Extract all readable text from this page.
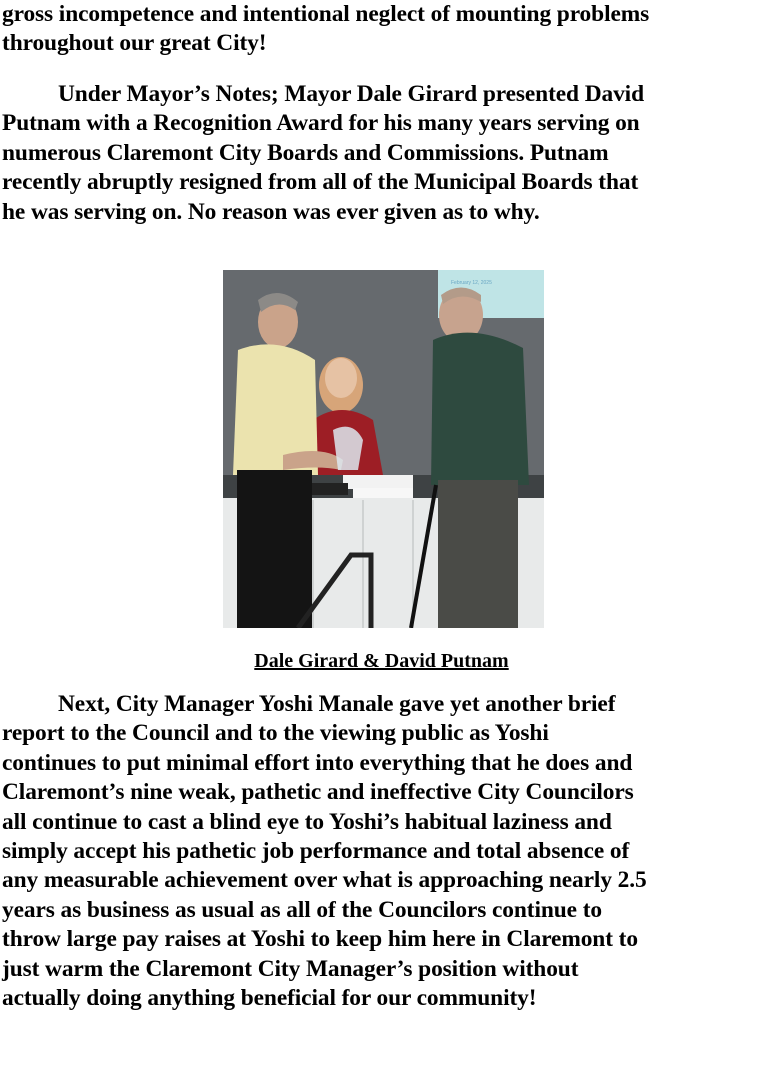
gross incompetence and intentional neglect of mounting problems
throughout our great City!
Under Mayor’s Notes; Mayor Dale Girard presented David
Putnam with a Recognition Award for his many years serving on
numerous Claremont City Boards and Commissions. Putnam
recently abruptly resigned from all of the Municipal Boards that
he was serving on. No reason was ever given as to why.
February 12, 2025
Dale Girard & David Putnam
Next, City Manager Yoshi Manale gave yet another brief
report to the Council and to the viewing public as Yoshi
continues to put minimal effort into everything that he does and
Claremont’s nine weak, pathetic and ineffective City Councilors
all continue to cast a blind eye to Yoshi’s habitual laziness and
simply accept his pathetic job performance and total absence of
any measurable achievement over what is approaching nearly 2.5
years as business as usual as all of the Councilors continue to
throw large pay raises at Yoshi to keep him here in Claremont to
just warm the Claremont City Manager’s position without
actually doing anything beneficial for our community!
